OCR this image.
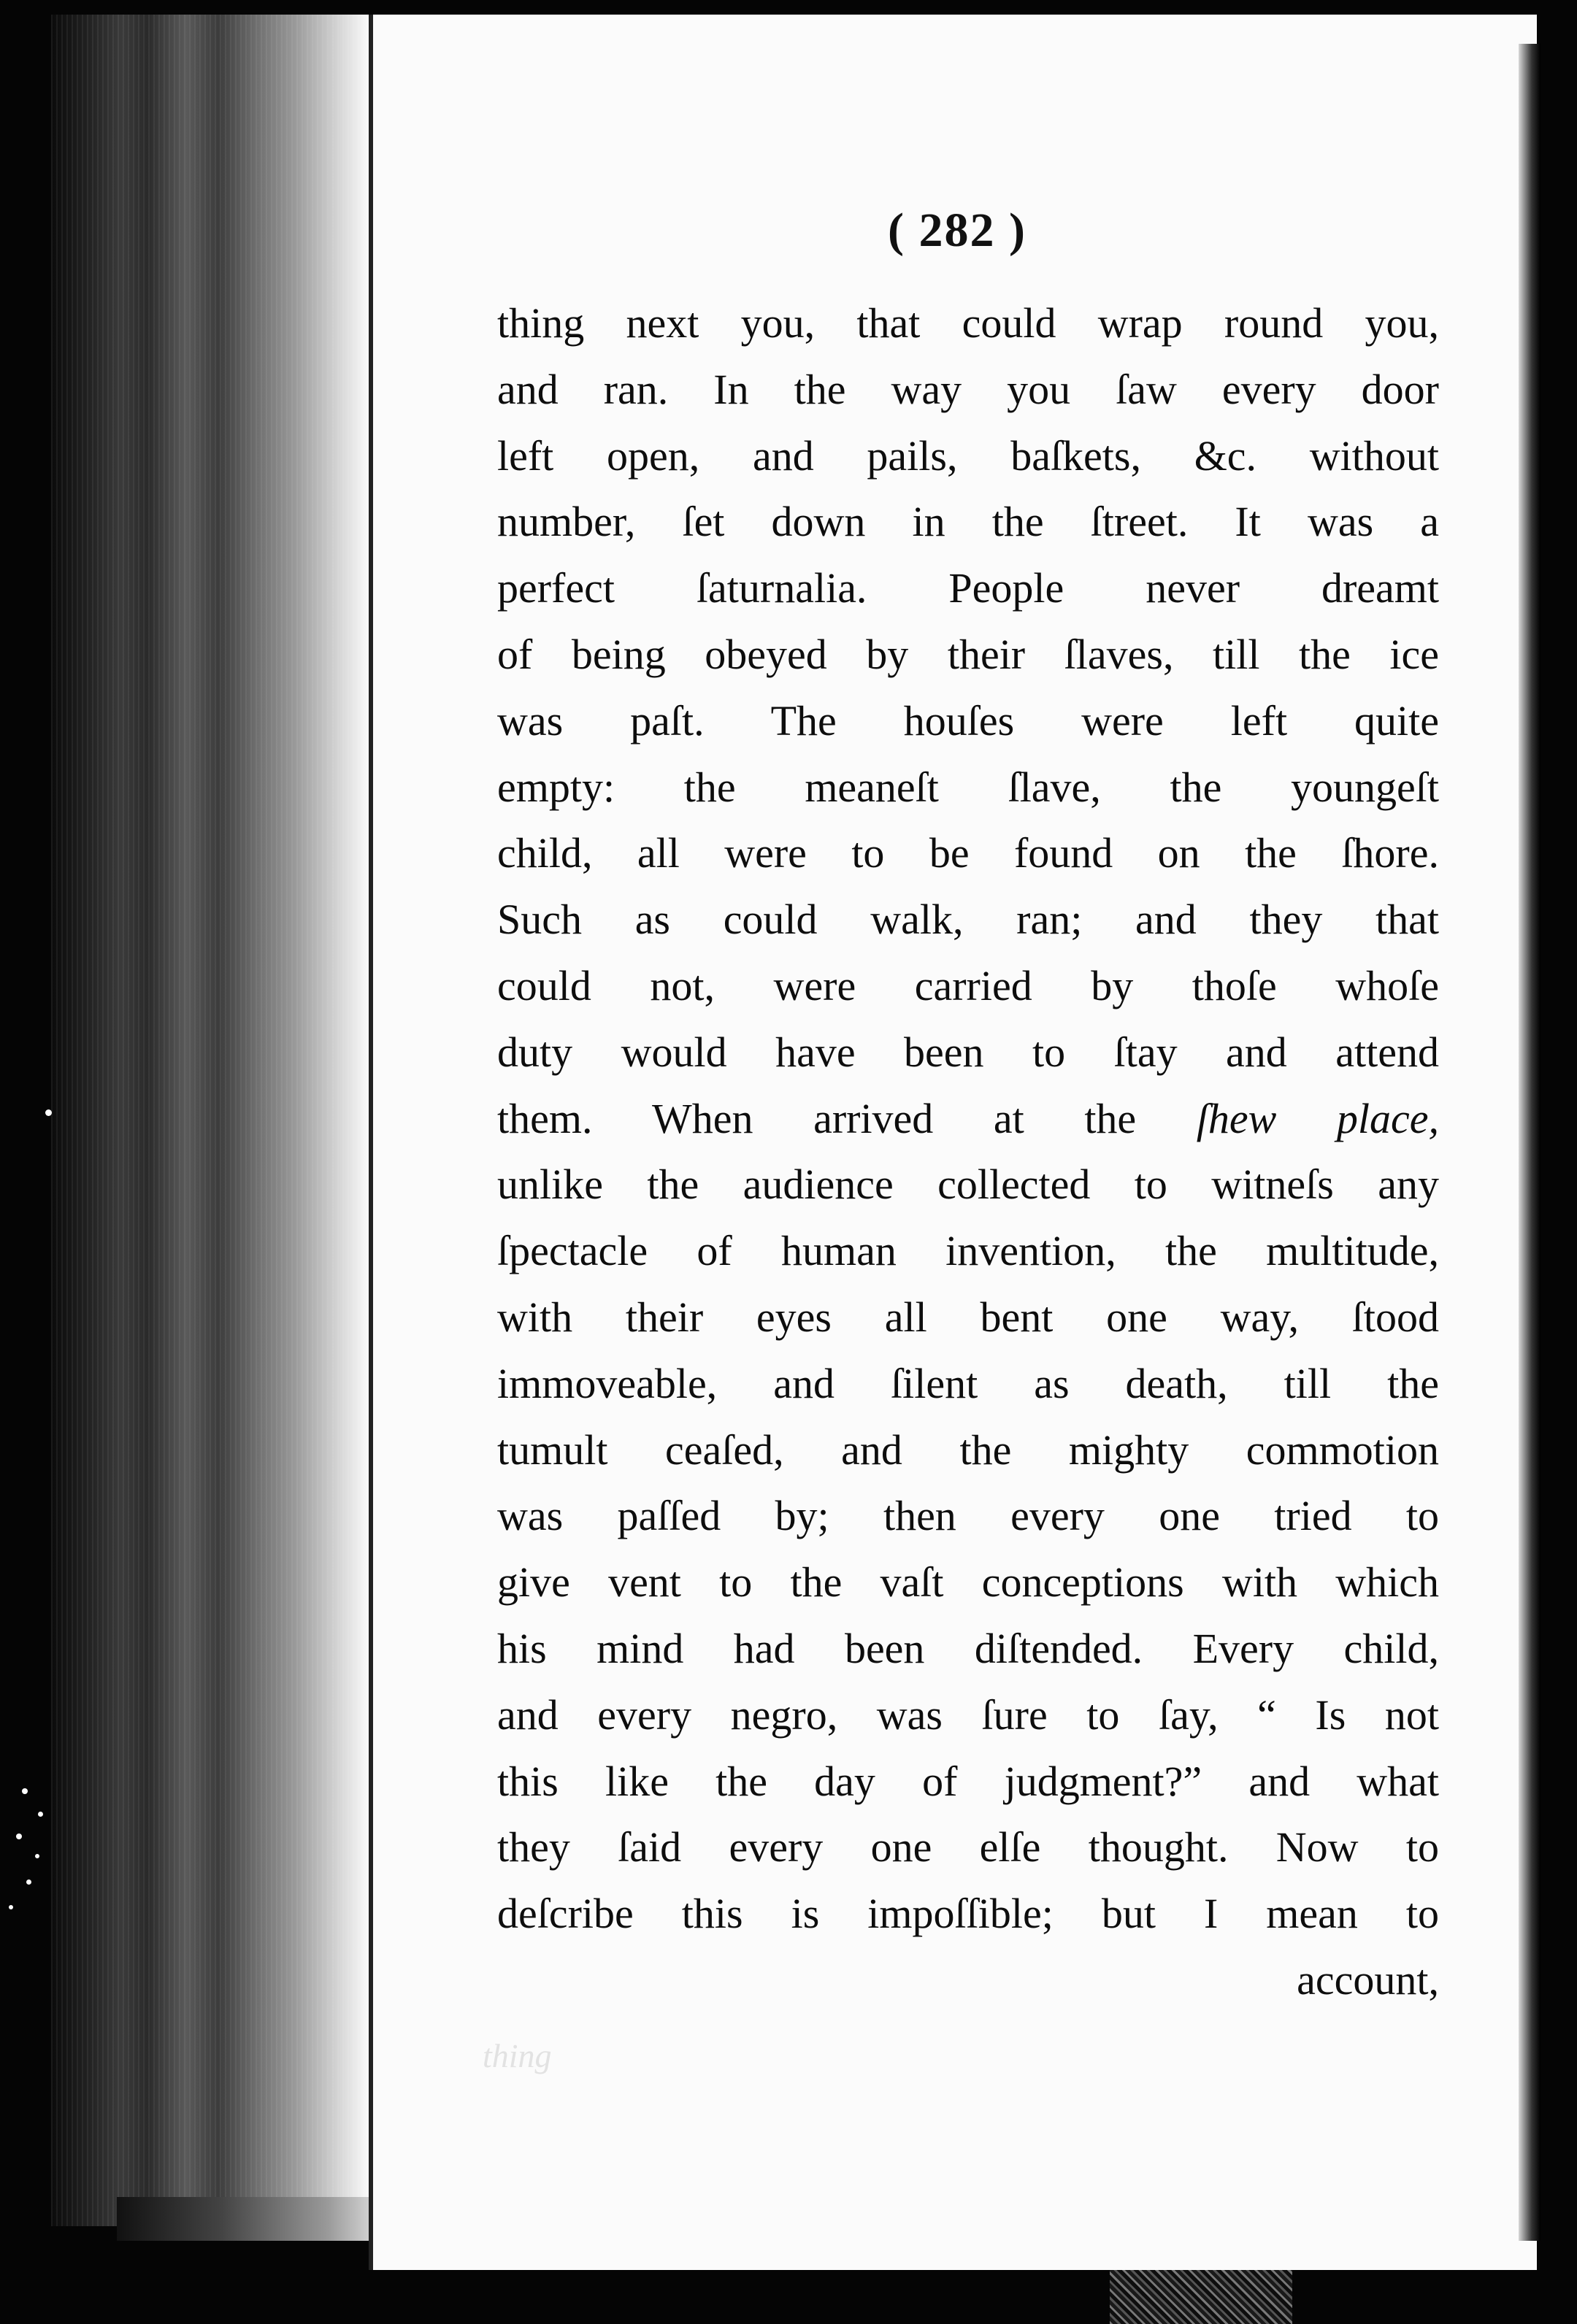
( 282 )
thing next you, that could wrap round you,
and ran. In the way you ſaw every door
left open, and pails, baſkets, &c. without
number, ſet down in the ſtreet. It was a
perfect ſaturnalia. People never dreamt
of being obeyed by their ſlaves, till the ice
was paſt. The houſes were left quite
empty: the meaneſt ſlave, the youngeſt
child, all were to be found on the ſhore.
Such as could walk, ran; and they that
could not, were carried by thoſe whoſe
duty would have been to ſtay and attend
them. When arrived at the ſhew place,
unlike the audience collected to witneſs any
ſpectacle of human invention, the multitude,
with their eyes all bent one way, ſtood
immoveable, and ſilent as death, till the
tumult ceaſed, and the mighty commotion
was paſſed by; then every one tried to
give vent to the vaſt conceptions with which
his mind had been diſtended. Every child,
and every negro, was ſure to ſay, “ Is not
this like the day of judgment?” and what
they ſaid every one elſe thought. Now to
deſcribe this is impoſſible; but I mean to
account,
thing
